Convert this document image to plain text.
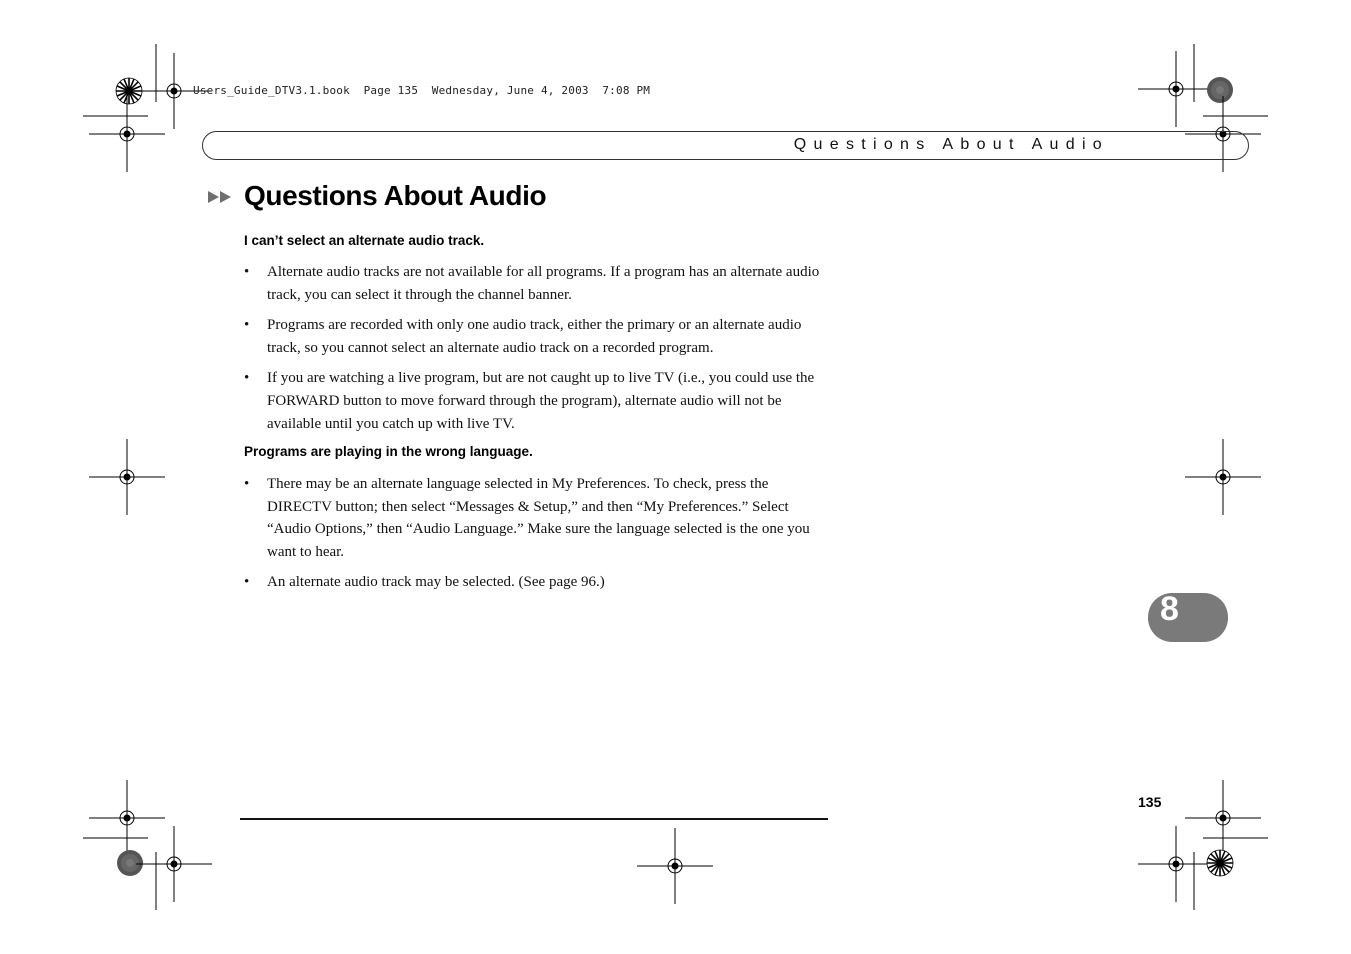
Users_Guide_DTV3.1.book  Page 135  Wednesday, June 4, 2003  7:08 PM
Questions About Audio
Questions About Audio
I can’t select an alternate audio track.
• Alternate audio tracks are not available for all programs. If a program has an alternate audio track, you can select it through the channel banner.
• Programs are recorded with only one audio track, either the primary or an alternate audio track, so you cannot select an alternate audio track on a recorded program.
• If you are watching a live program, but are not caught up to live TV (i.e., you could use the FORWARD button to move forward through the program), alternate audio will not be available until you catch up with live TV.
Programs are playing in the wrong language.
• There may be an alternate language selected in My Preferences. To check, press the DIRECTV button; then select “Messages & Setup,” and then “My Preferences.” Select “Audio Options,” then “Audio Language.” Make sure the language selected is the one you want to hear.
• An alternate audio track may be selected. (See page 96.)
8
135
